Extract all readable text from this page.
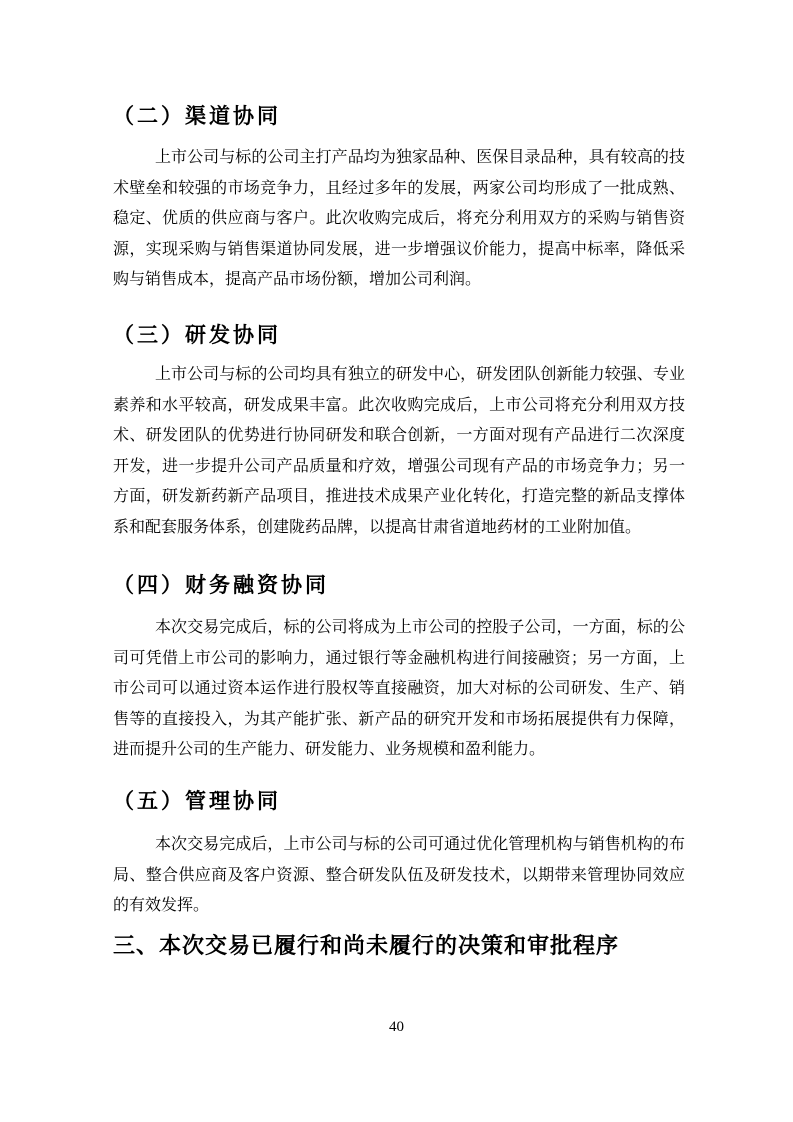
（二）渠道协同

上市公司与标的公司主打产品均为独家品种、医保目录品种，具有较高的技术壁垒和较强的市场竞争力，且经过多年的发展，两家公司均形成了一批成熟、稳定、优质的供应商与客户。此次收购完成后，将充分利用双方的采购与销售资源，实现采购与销售渠道协同发展，进一步增强议价能力，提高中标率，降低采购与销售成本，提高产品市场份额，增加公司利润。

（三）研发协同

上市公司与标的公司均具有独立的研发中心，研发团队创新能力较强、专业素养和水平较高，研发成果丰富。此次收购完成后，上市公司将充分利用双方技术、研发团队的优势进行协同研发和联合创新，一方面对现有产品进行二次深度开发，进一步提升公司产品质量和疗效，增强公司现有产品的市场竞争力；另一方面，研发新药新产品项目，推进技术成果产业化转化，打造完整的新品支撑体系和配套服务体系，创建陇药品牌，以提高甘肃省道地药材的工业附加值。

（四）财务融资协同

本次交易完成后，标的公司将成为上市公司的控股子公司，一方面，标的公司可凭借上市公司的影响力，通过银行等金融机构进行间接融资；另一方面，上市公司可以通过资本运作进行股权等直接融资，加大对标的公司研发、生产、销售等的直接投入，为其产能扩张、新产品的研究开发和市场拓展提供有力保障，进而提升公司的生产能力、研发能力、业务规模和盈利能力。

（五）管理协同

本次交易完成后，上市公司与标的公司可通过优化管理机构与销售机构的布局、整合供应商及客户资源、整合研发队伍及研发技术，以期带来管理协同效应的有效发挥。

三、本次交易已履行和尚未履行的决策和审批程序
40
